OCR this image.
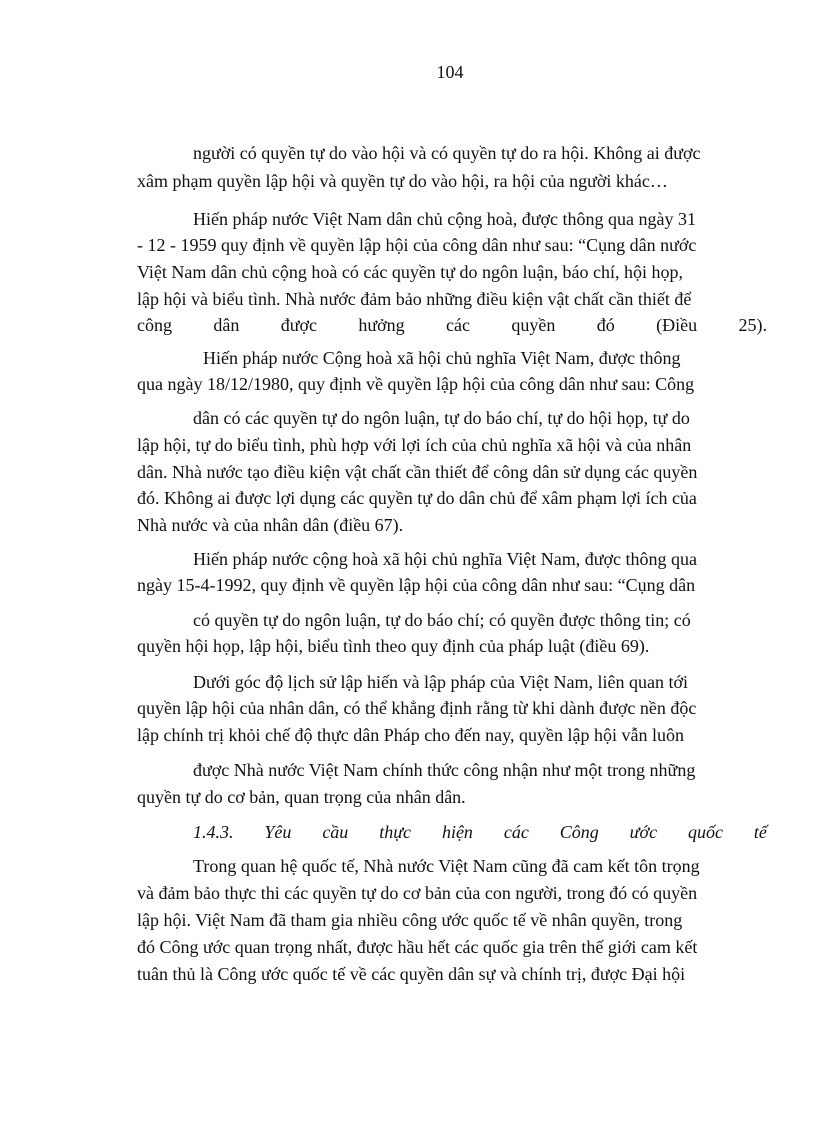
104
người có quyền tự do vào hội và có quyền tự do ra hội. Không ai được
xâm phạm quyền lập hội và quyền tự do vào hội, ra hội của người khác…
Hiến pháp nước Việt Nam dân chủ cộng hoà, được thông qua ngày 31
- 12 - 1959 quy định về quyền lập hội của công dân như sau: “Cụng dân nước
Việt Nam dân chủ cộng hoà có các quyền tự do ngôn luận, báo chí, hội họp,
lập hội và biểu tình. Nhà nước đảm bảo những điều kiện vật chất cần thiết để
công dân được hưởng các quyền đó (Điều 25).
Hiến pháp nước Cộng hoà xã hội chủ nghĩa Việt Nam, được thông
qua ngày 18/12/1980, quy định về quyền lập hội của công dân như sau: Công
dân có các quyền tự do ngôn luận, tự do báo chí, tự do hội họp, tự do
lập hội, tự do biểu tình, phù hợp với lợi ích của chủ nghĩa xã hội và của nhân
dân. Nhà nước tạo điều kiện vật chất cần thiết để công dân sử dụng các quyền
đó. Không ai được lợi dụng các quyền tự do dân chủ để xâm phạm lợi ích của
Nhà nước và của nhân dân (điều 67).
Hiến pháp nước cộng hoà xã hội chủ nghĩa Việt Nam, được thông qua
ngày 15-4-1992, quy định về quyền lập hội của công dân như sau: “Cụng dân
có quyền tự do ngôn luận, tự do báo chí; có quyền được thông tin; có
quyền hội họp, lập hội, biểu tình theo quy định của pháp luật (điều 69).
Dưới góc độ lịch sử lập hiến và lập pháp của Việt Nam, liên quan tới
quyền lập hội của nhân dân, có thể khẳng định rằng từ khi dành được nền độc
lập chính trị khỏi chế độ thực dân Pháp cho đến nay, quyền lập hội vẫn luôn
được Nhà nước Việt Nam chính thức công nhận như một trong những
quyền tự do cơ bản, quan trọng của nhân dân.
1.4.3. Yêu cầu thực hiện các Công ước quốc tế
Trong quan hệ quốc tế, Nhà nước Việt Nam cũng đã cam kết tôn trọng
và đảm bảo thực thi các quyền tự do cơ bản của con người, trong đó có quyền
lập hội. Việt Nam đã tham gia nhiều công ước quốc tế về nhân quyền, trong
đó Công ước quan trọng nhất, được hầu hết các quốc gia trên thế giới cam kết
tuân thủ là Công ước quốc tế về các quyền dân sự và chính trị, được Đại hội
